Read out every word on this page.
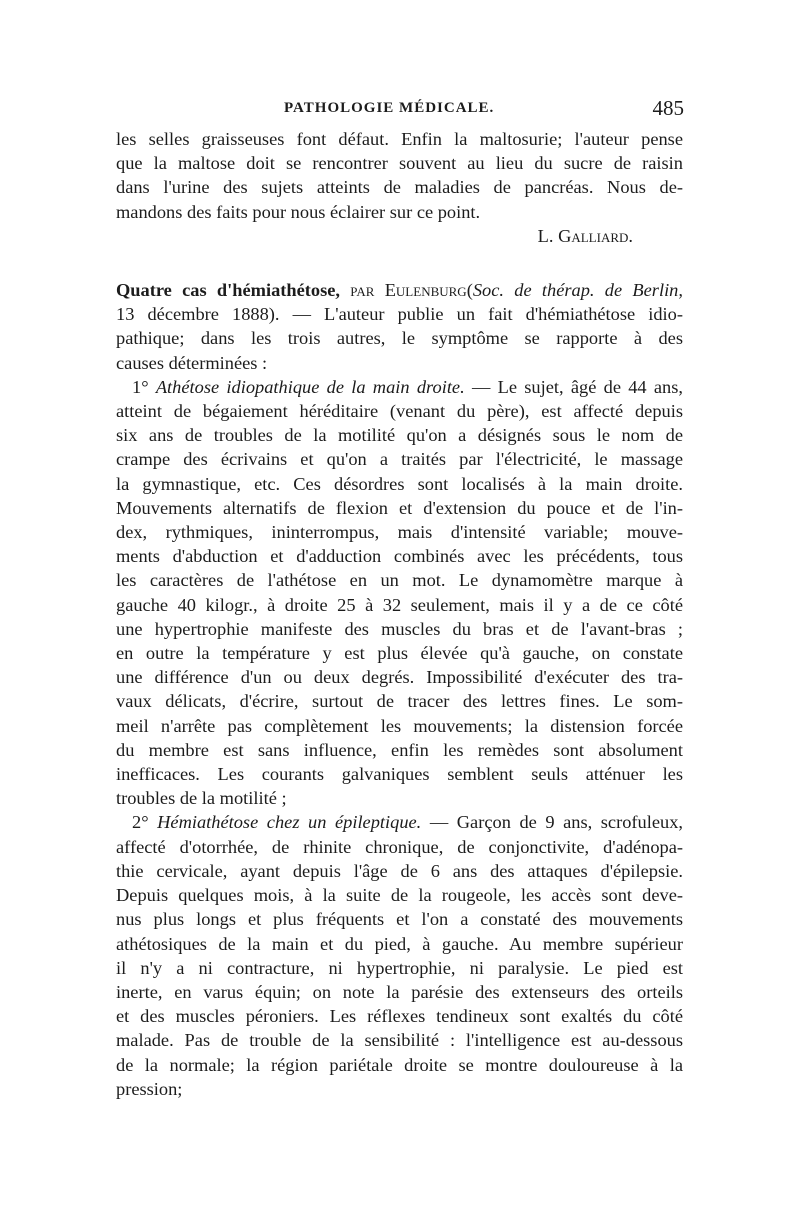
PATHOLOGIE MÉDICALE.	485
les selles graisseuses font défaut. Enfin la maltosurie; l'auteur pense
que la maltose doit se rencontrer souvent au lieu du sucre de raisin
dans l'urine des sujets atteints de maladies de pancréas. Nous de-
mandons des faits pour nous éclairer sur ce point.
L. Galliard.
Quatre cas d'hémiathétose, par Eulenburg(Soc. de thérap. de Berlin,
13 décembre 1888). — L'auteur publie un fait d'hémiathétose idio-
pathique; dans les trois autres, le symptôme se rapporte à des
causes déterminées :
1° Athétose idiopathique de la main droite. — Le sujet, âgé de 44 ans,
atteint de bégaiement héréditaire (venant du père), est affecté depuis
six ans de troubles de la motilité qu'on a désignés sous le nom de
crampe des écrivains et qu'on a traités par l'électricité, le massage
la gymnastique, etc. Ces désordres sont localisés à la main droite.
Mouvements alternatifs de flexion et d'extension du pouce et de l'in-
dex, rythmiques, ininterrompus, mais d'intensité variable; mouve-
ments d'abduction et d'adduction combinés avec les précédents, tous
les caractères de l'athétose en un mot. Le dynamomètre marque à
gauche 40 kilogr., à droite 25 à 32 seulement, mais il y a de ce côté
une hypertrophie manifeste des muscles du bras et de l'avant-bras ;
en outre la température y est plus élevée qu'à gauche, on constate
une différence d'un ou deux degrés. Impossibilité d'exécuter des tra-
vaux délicats, d'écrire, surtout de tracer des lettres fines. Le som-
meil n'arrête pas complètement les mouvements; la distension forcée
du membre est sans influence, enfin les remèdes sont absolument
inefficaces. Les courants galvaniques semblent seuls atténuer les
troubles de la motilité ;
2° Hémiathétose chez un épileptique. — Garçon de 9 ans, scrofuleux,
affecté d'otorrhée, de rhinite chronique, de conjonctivite, d'adénopa-
thie cervicale, ayant depuis l'âge de 6 ans des attaques d'épilepsie.
Depuis quelques mois, à la suite de la rougeole, les accès sont deve-
nus plus longs et plus fréquents et l'on a constaté des mouvements
athétosiques de la main et du pied, à gauche. Au membre supérieur
il n'y a ni contracture, ni hypertrophie, ni paralysie. Le pied est
inerte, en varus équin; on note la parésie des extenseurs des orteils
et des muscles péroniers. Les réflexes tendineux sont exaltés du côté
malade. Pas de trouble de la sensibilité : l'intelligence est au-dessous
de la normale; la région pariétale droite se montre douloureuse à la
pression;
